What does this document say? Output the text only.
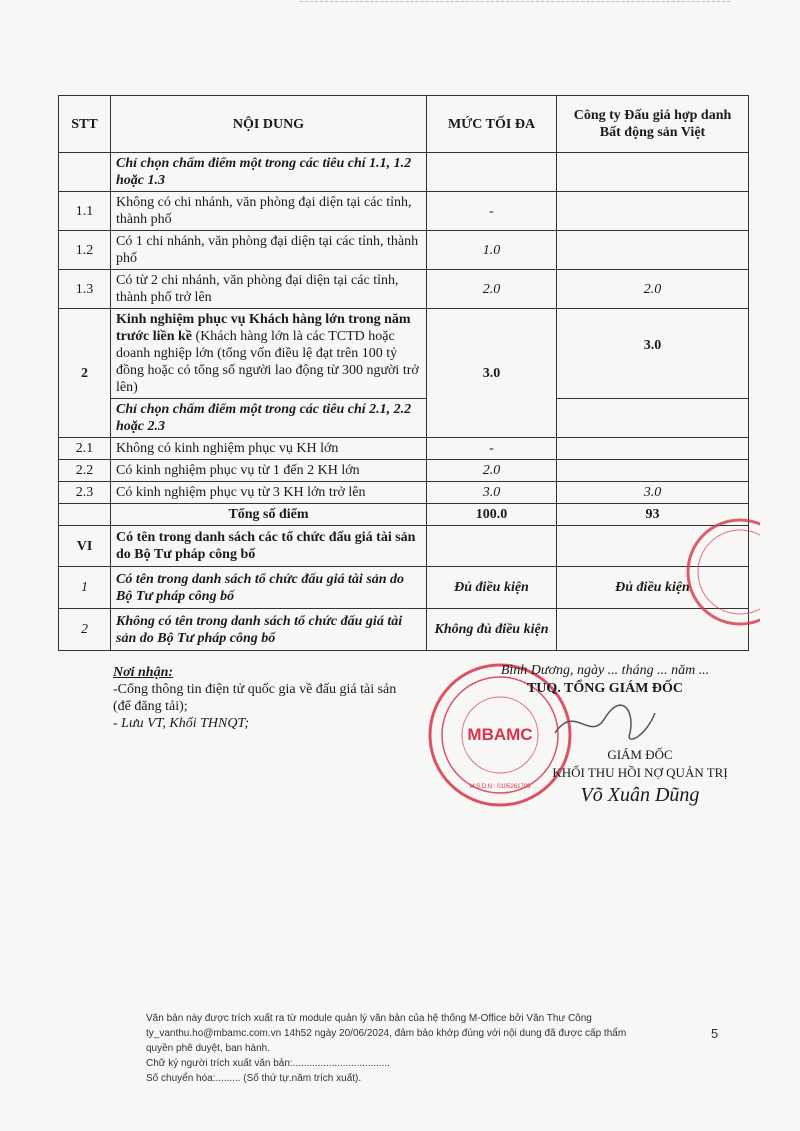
STT	NỘI DUNG	MỨC TỐI ĐA	Công ty Đấu giá hợp danh Bất động sản Việt
	Chỉ chọn chấm điểm một trong các tiêu chí 1.1, 1.2 hoặc 1.3		
1.1	Không có chi nhánh, văn phòng đại diện tại các tỉnh, thành phố	-	
1.2	Có 1 chi nhánh, văn phòng đại diện tại các tỉnh, thành phố	1.0	
1.3	Có từ 2 chi nhánh, văn phòng đại diện tại các tỉnh, thành phố trở lên	2.0	2.0
2	Kinh nghiệm phục vụ Khách hàng lớn trong năm trước liền kề (Khách hàng lớn là các TCTD hoặc doanh nghiệp lớn (tổng vốn điều lệ đạt trên 100 tỷ đồng hoặc có tổng số người lao động từ 300 người trở lên)	3.0	3.0
	Chỉ chọn chấm điểm một trong các tiêu chí 2.1, 2.2 hoặc 2.3		
2.1	Không có kinh nghiệm phục vụ KH lớn	-	
2.2	Có kinh nghiệm phục vụ từ 1 đến 2 KH lớn	2.0	
2.3	Có kinh nghiệm phục vụ từ 3 KH lớn trở lên	3.0	3.0
	Tổng số điểm	100.0	93
VI	Có tên trong danh sách các tổ chức đấu giá tài sản do Bộ Tư pháp công bố		
1	Có tên trong danh sách tổ chức đấu giá tài sản do Bộ Tư pháp công bố	Đủ điều kiện	Đủ điều kiện
2	Không có tên trong danh sách tổ chức đấu giá tài sản do Bộ Tư pháp công bố	Không đủ điều kiện	
Nơi nhận:
-Cổng thông tin điện tử quốc gia về đấu giá tài sản
(để đăng tải);
- Lưu VT, Khối THNQT;
MBAMC
M.S.D.N : 0105261709
Bình Dương, ngày ... tháng ... năm ...
TUQ. TỔNG GIÁM ĐỐC
GIÁM ĐỐC
KHỐI THU HỒI NỢ QUẢN TRỊ
Võ Xuân Dũng
Văn bản này được trích xuất ra từ module quản lý văn bản của hệ thống M-Office bởi Văn Thư Công
ty_vanthu.ho@mbamc.com.vn 14h52 ngày 20/06/2024, đảm bảo khớp đúng với nội dung đã được cấp thẩm
quyền phê duyệt, ban hành.
Chữ ký người trích xuất văn bản:...................................
Số chuyển hóa:......... (Số thứ tự.năm trích xuất).
5
